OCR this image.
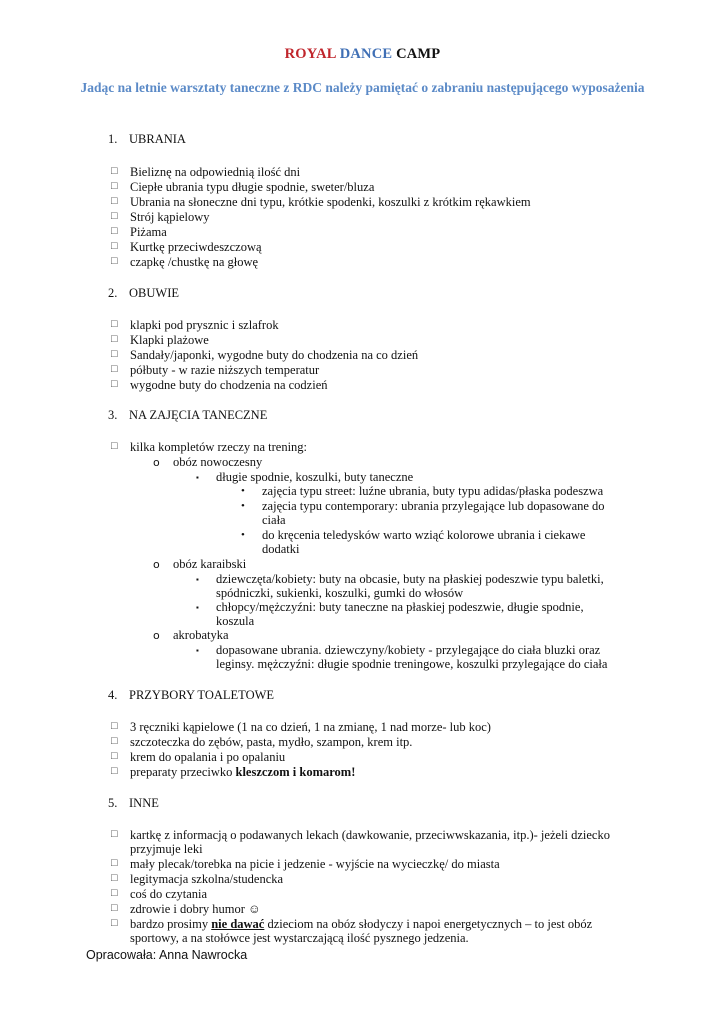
ROYAL DANCE CAMP
Jadąc na letnie warsztaty taneczne z RDC należy pamiętać o zabraniu następującego wyposażenia
1. UBRANIA
□
Bieliznę na odpowiednią ilość dni
□
Ciepłe ubrania typu długie spodnie, sweter/bluza
□
Ubrania na słoneczne dni typu, krótkie spodenki, koszulki z krótkim rękawkiem
□
Strój kąpielowy
□
Piżama
□
Kurtkę przeciwdeszczową
□
czapkę /chustkę na głowę
2. OBUWIE
□
klapki pod prysznic i szlafrok
□
Klapki plażowe
□
Sandały/japonki, wygodne buty do chodzenia na co dzień
□
półbuty - w razie niższych temperatur
□
wygodne buty do chodzenia na codzień
3. NA ZAJĘCIA TANECZNE
□
kilka kompletów rzeczy na trening:
o obóz nowoczesny
▪ długie spodnie, koszulki, buty taneczne
• zajęcia typu street: luźne ubrania, buty typu adidas/płaska podeszwa
• zajęcia typu contemporary: ubrania przylegające lub dopasowane do
ciała
• do kręcenia teledysków warto wziąć kolorowe ubrania i ciekawe
dodatki
o obóz karaibski
▪ dziewczęta/kobiety: buty na obcasie, buty na płaskiej podeszwie typu baletki,
spódniczki, sukienki, koszulki, gumki do włosów
▪ chłopcy/mężczyźni: buty taneczne na płaskiej podeszwie, długie spodnie,
koszula
o akrobatyka
▪ dopasowane ubrania. dziewczyny/kobiety - przylegające do ciała bluzki oraz
leginsy. mężczyźni: długie spodnie treningowe, koszulki przylegające do ciała
4. PRZYBORY TOALETOWE
□
3 ręczniki kąpielowe (1 na co dzień, 1 na zmianę, 1 nad morze- lub koc)
□
szczoteczka do zębów, pasta, mydło, szampon, krem itp.
□
krem do opalania i po opalaniu
□
preparaty przeciwko kleszczom i komarom!
5. INNE
□
kartkę z informacją o podawanych lekach (dawkowanie, przeciwwskazania, itp.)- jeżeli dziecko
przyjmuje leki
□
mały plecak/torebka na picie i jedzenie - wyjście na wycieczkę/ do miasta
□
legitymacja szkolna/studencka
□
coś do czytania
□
zdrowie i dobry humor ☺
□
bardzo prosimy nie dawać dzieciom na obóz słodyczy i napoi energetycznych – to jest obóz
sportowy, a na stołówce jest wystarczającą ilość pysznego jedzenia.
Opracowała: Anna Nawrocka
